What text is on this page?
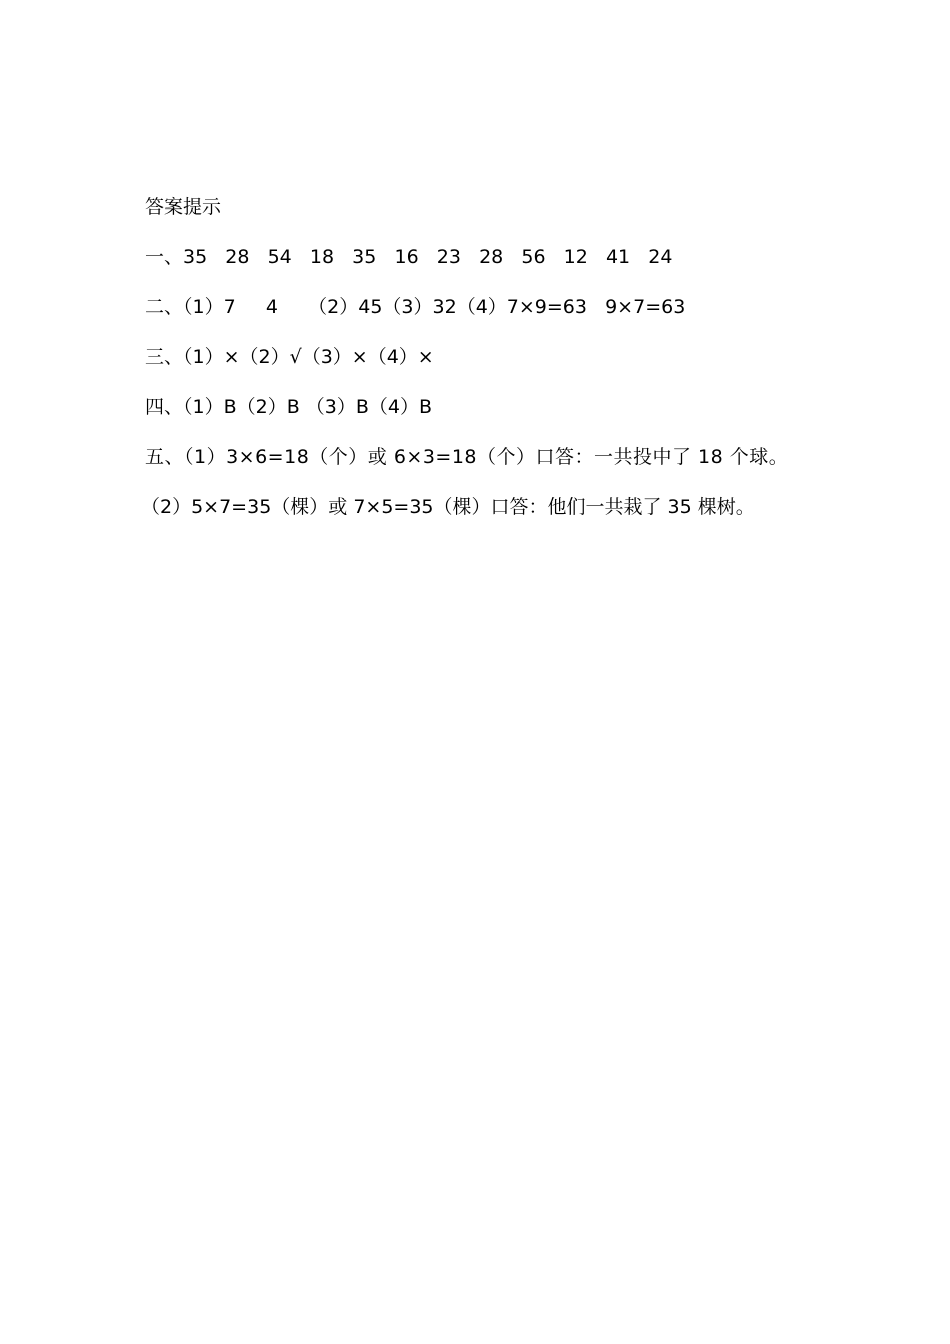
答案提示
一、35   28   54   18   35   16   23   28   56   12   41   24
二、（1）7     4     （2）45（3）32（4）7×9=63   9×7=63
三、（1）×（2）√（3）×（4）×
四、（1）B（2）B （3）B（4）B
五、（1）3×6=18（个）或 6×3=18（个）口答：一共投中了 18 个球。
（2）5×7=35（棵）或 7×5=35（棵）口答：他们一共栽了 35 棵树。
